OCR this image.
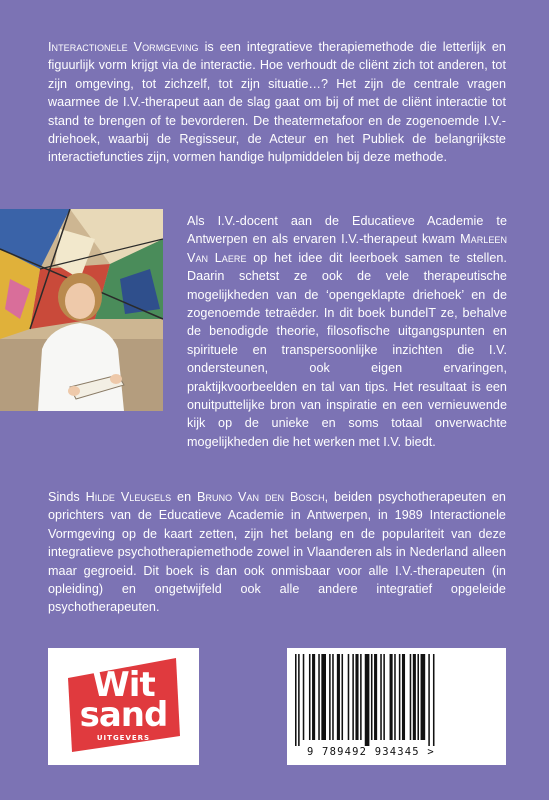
Interactionele Vormgeving is een integratieve therapiemethode die letterlijk en figuurlijk vorm krijgt via de interactie. Hoe verhoudt de cliënt zich tot anderen, tot zijn omgeving, tot zichzelf, tot zijn situatie…? Het zijn de centrale vragen waarmee de I.V.-therapeut aan de slag gaat om bij of met de cliënt interactie tot stand te brengen of te bevorderen. De theatermetafoor en de zogenoemde I.V.-driehoek, waarbij de Regisseur, de Acteur en het Publiek de belangrijkste interactiefuncties zijn, vormen handige hulpmiddelen bij deze methode.

Als I.V.-docent aan de Educatieve Academie te Antwerpen en als ervaren I.V.-therapeut kwam Marleen Van Laere op het idee dit leerboek samen te stellen. Daarin schetst ze ook de vele therapeutische mogelijkheden van de ‘opengeklapte driehoek’ en de zogenoemde tetraëder. In dit boek bundelT ze, behalve de benodigde theorie, filosofische uitgangspunten en spirituele en transpersoonlijke inzichten die I.V. ondersteunen, ook eigen ervaringen, praktijkvoorbeelden en tal van tips. Het resultaat is een onuitputtelijke bron van inspiratie en een vernieuwende kijk op de unieke en soms totaal onverwachte mogelijkheden die het werken met I.V. biedt.

Sinds Hilde Vleugels en Bruno Van den Bosch, beiden psychotherapeuten en oprichters van de Educatieve Academie in Antwerpen, in 1989 Interactionele Vormgeving op de kaart zetten, zijn het belang en de populariteit van deze integratieve psychotherapiemethode zowel in Vlaanderen als in Nederland alleen maar gegroeid. Dit boek is dan ook onmisbaar voor alle I.V.-therapeuten (in opleiding) en ongetwijfeld ook alle andere integratief opgeleide psychotherapeuten.

Wit
sand
UITGEVERS
9 789492 934345 >
